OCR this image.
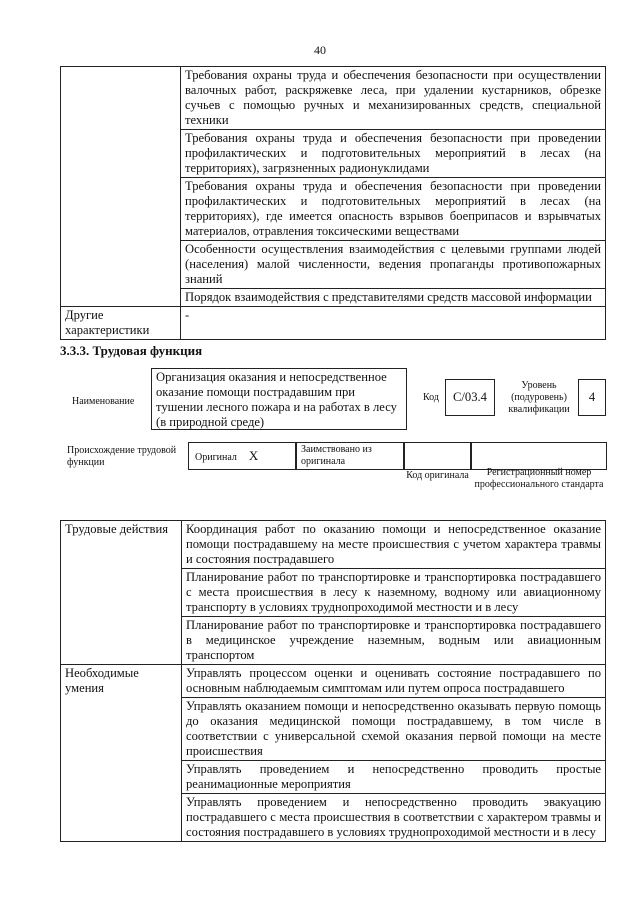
40
	Требования охраны труда и обеспечения безопасности при осуществлении валочных работ, раскряжевке леса, при удалении кустарников, обрезке сучьев с помощью ручных и механизированных средств, специальной техники
	Требования охраны труда и обеспечения безопасности при проведении профилактических и подготовительных мероприятий в лесах (на территориях), загрязненных радионуклидами
	Требования охраны труда и обеспечения безопасности при проведении профилактических и подготовительных мероприятий в лесах (на территориях), где имеется опасность взрывов боеприпасов и взрывчатых материалов, отравления токсическими веществами
	Особенности осуществления взаимодействия с целевыми группами людей (населения) малой численности, ведения пропаганды противопожарных знаний
	Порядок взаимодействия с представителями средств массовой информации
Другие характеристики	-
3.3.3. Трудовая функция
Наименование
Организация оказания и непосредственное оказание помощи пострадавшим при тушении лесного пожара и на работах в лесу (в природной среде)
Код	C/03.4
Уровень (подуровень) квалификации
4
Происхождение трудовой функции	Оригинал X	Заимствовано из оригинала
Код оригинала	Регистрационный номер профессионального стандарта
Трудовые действия	Координация работ по оказанию помощи и непосредственное оказание помощи пострадавшему на месте происшествия с учетом характера травмы и состояния пострадавшего
	Планирование работ по транспортировке и транспортировка пострадавшего с места происшествия в лесу к наземному, водному или авиационному транспорту в условиях труднопроходимой местности и в лесу
	Планирование работ по транспортировке и транспортировка пострадавшего в медицинское учреждение наземным, водным или авиационным транспортом
Необходимые умения	Управлять процессом оценки и оценивать состояние пострадавшего по основным наблюдаемым симптомам или путем опроса пострадавшего
	Управлять оказанием помощи и непосредственно оказывать первую помощь до оказания медицинской помощи пострадавшему, в том числе в соответствии с универсальной схемой оказания первой помощи на месте происшествия
	Управлять проведением и непосредственно проводить простые реанимационные мероприятия
	Управлять проведением и непосредственно проводить эвакуацию пострадавшего с места происшествия в соответствии с характером травмы и состояния пострадавшего в условиях труднопроходимой местности и в лесу
